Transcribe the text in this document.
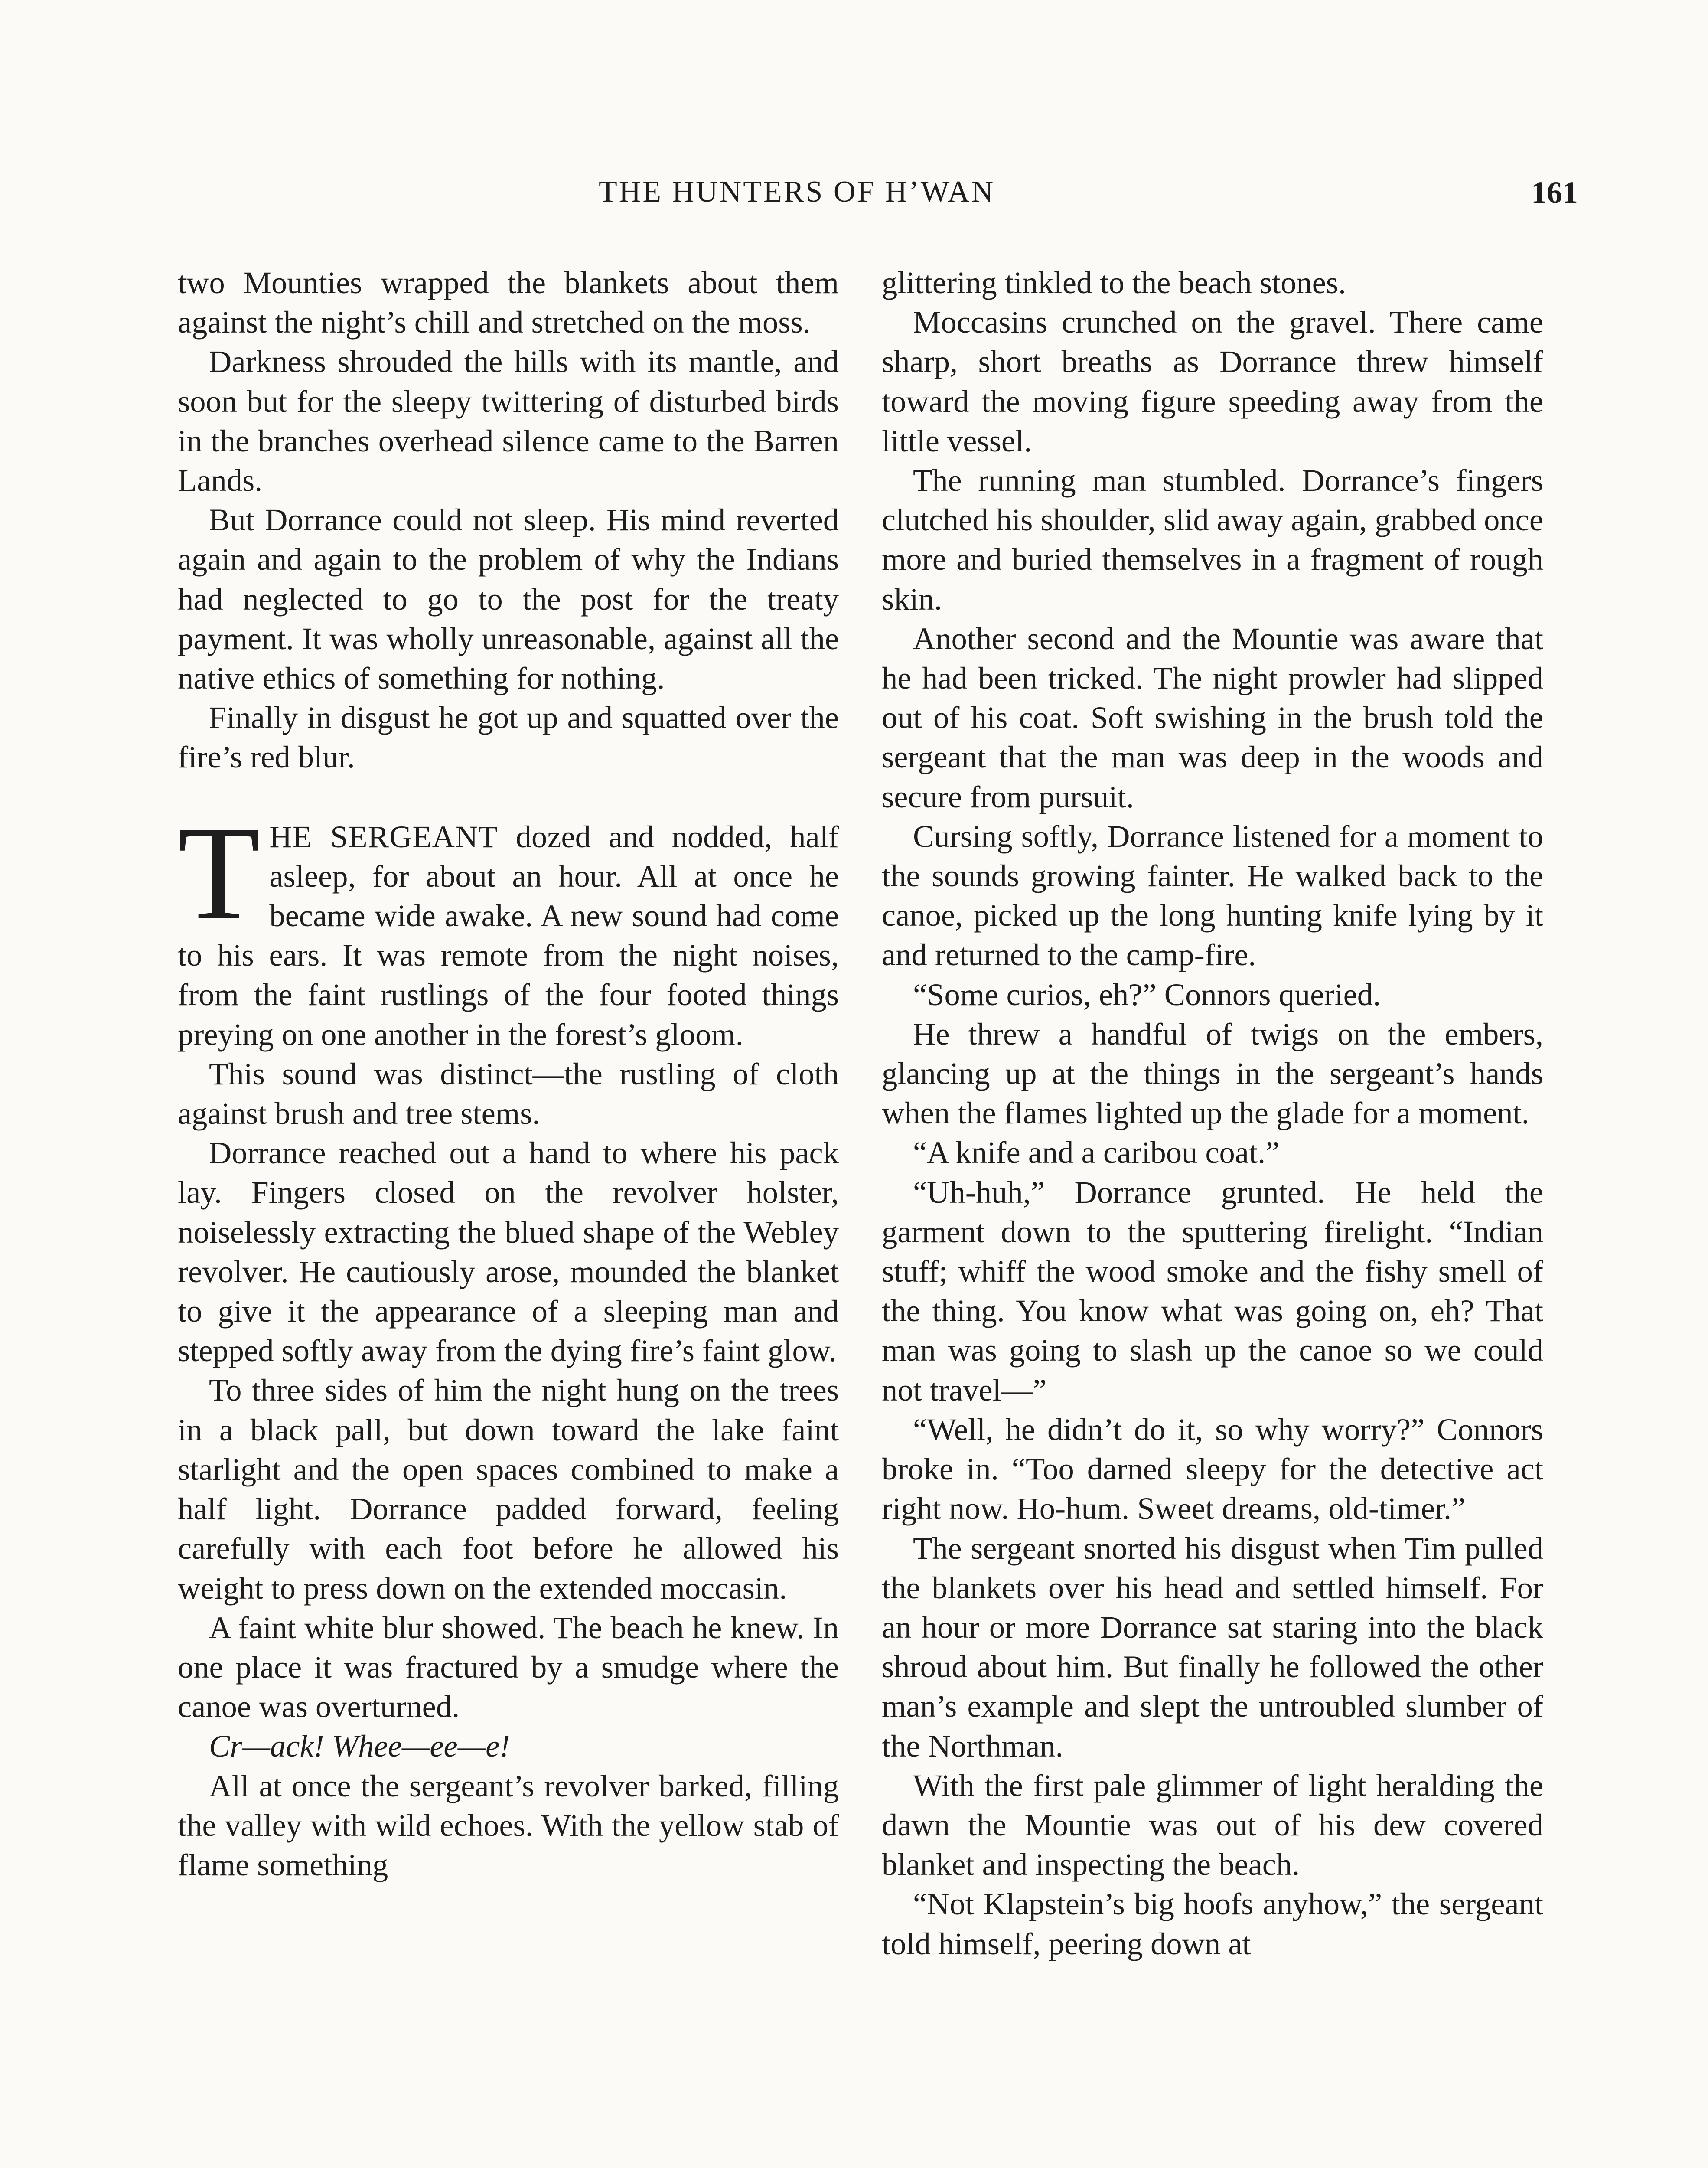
THE HUNTERS OF H’WAN	161

two Mounties wrapped the blankets about them against the night’s chill and stretched on the moss.

Darkness shrouded the hills with its mantle, and soon but for the sleepy twittering of disturbed birds in the branches overhead silence came to the Barren Lands.

But Dorrance could not sleep. His mind reverted again and again to the problem of why the Indians had neglected to go to the post for the treaty payment. It was wholly unreasonable, against all the native ethics of something for nothing.

Finally in disgust he got up and squatted over the fire’s red blur.

THE SERGEANT dozed and nodded, half asleep, for about an hour. All at once he became wide awake. A new sound had come to his ears. It was remote from the night noises, from the faint rustlings of the four footed things preying on one another in the forest’s gloom.

This sound was distinct—the rustling of cloth against brush and tree stems.

Dorrance reached out a hand to where his pack lay. Fingers closed on the revolver holster, noiselessly extracting the blued shape of the Webley revolver. He cautiously arose, mounded the blanket to give it the appearance of a sleeping man and stepped softly away from the dying fire’s faint glow.

To three sides of him the night hung on the trees in a black pall, but down toward the lake faint starlight and the open spaces combined to make a half light. Dorrance padded forward, feeling carefully with each foot before he allowed his weight to press down on the extended moccasin.

A faint white blur showed. The beach he knew. In one place it was fractured by a smudge where the canoe was overturned.

Cr—ack! Whee—ee—e!

All at once the sergeant’s revolver barked, filling the valley with wild echoes. With the yellow stab of flame something

glittering tinkled to the beach stones.

Moccasins crunched on the gravel. There came sharp, short breaths as Dorrance threw himself toward the moving figure speeding away from the little vessel.

The running man stumbled. Dorrance’s fingers clutched his shoulder, slid away again, grabbed once more and buried themselves in a fragment of rough skin.

Another second and the Mountie was aware that he had been tricked. The night prowler had slipped out of his coat. Soft swishing in the brush told the sergeant that the man was deep in the woods and secure from pursuit.

Cursing softly, Dorrance listened for a moment to the sounds growing fainter. He walked back to the canoe, picked up the long hunting knife lying by it and returned to the camp-fire.

“Some curios, eh?” Connors queried.

He threw a handful of twigs on the embers, glancing up at the things in the sergeant’s hands when the flames lighted up the glade for a moment.

“A knife and a caribou coat.”

“Uh-huh,” Dorrance grunted. He held the garment down to the sputtering firelight. “Indian stuff; whiff the wood smoke and the fishy smell of the thing. You know what was going on, eh? That man was going to slash up the canoe so we could not travel—”

“Well, he didn’t do it, so why worry?” Connors broke in. “Too darned sleepy for the detective act right now. Ho-hum. Sweet dreams, old-timer.”

The sergeant snorted his disgust when Tim pulled the blankets over his head and settled himself. For an hour or more Dorrance sat staring into the black shroud about him. But finally he followed the other man’s example and slept the untroubled slumber of the Northman.

With the first pale glimmer of light heralding the dawn the Mountie was out of his dew covered blanket and inspecting the beach.

“Not Klapstein’s big hoofs anyhow,” the sergeant told himself, peering down at
